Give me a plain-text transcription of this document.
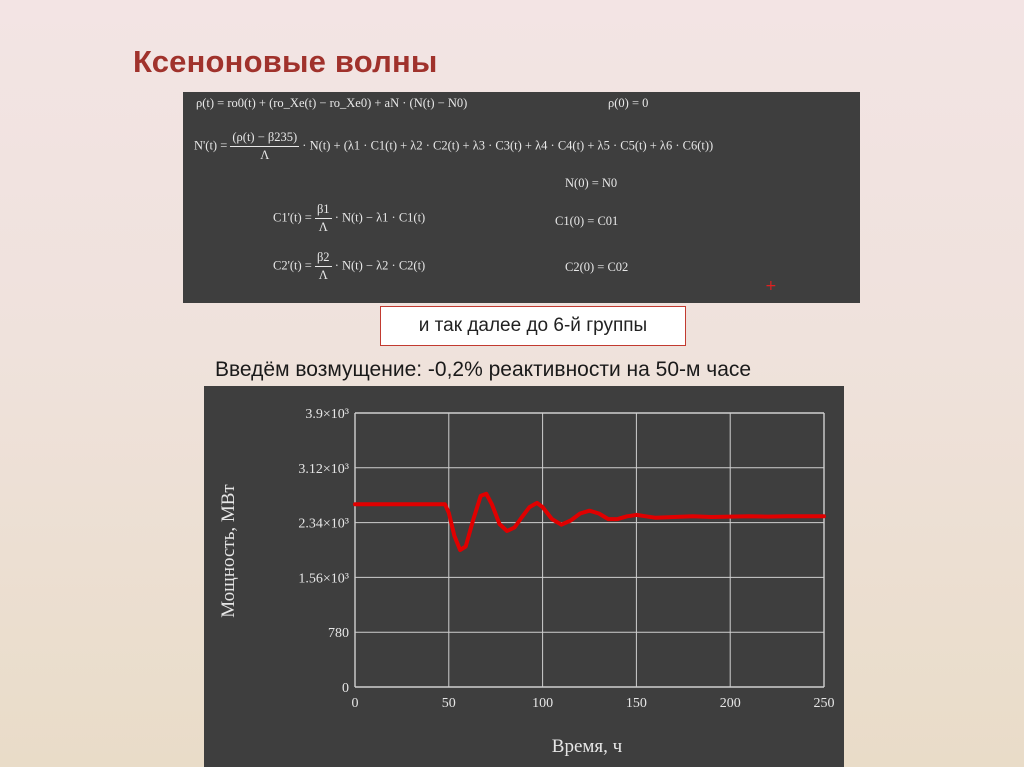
Ксеноновые волны
ρ(t) = ro0(t) + (ro_Xe(t) − ro_Xe0) + aN · (N(t) − N0)	ρ(0) = 0
$N'(t) = \frac{(\rho(t) - \beta 235)}{\Lambda} \cdot N(t) + (\lambda 1 \cdot C1(t) + \lambda 2 \cdot C2(t) + \lambda 3 \cdot C3(t) + \lambda 4 \cdot C4(t) + \lambda 5 \cdot C5(t) + \lambda 6 \cdot C6(t))$
N(0) = N0
$C1'(t) = \frac{\beta 1}{\Lambda} \cdot N(t) - \lambda 1 \cdot C1(t)$	C1(0) = C01
$C2'(t) = \frac{\beta 2}{\Lambda} \cdot N(t) - \lambda 2 \cdot C2(t)$	C2(0) = C02
+
и так далее до 6-й группы
Введём возмущение: -0,2% реактивности на 50-м часе
0	50	100	150	200	250
0
780
1.56×10³
2.34×10³
3.12×10³
3.9×10³
Время, ч
Мощность, МВт
